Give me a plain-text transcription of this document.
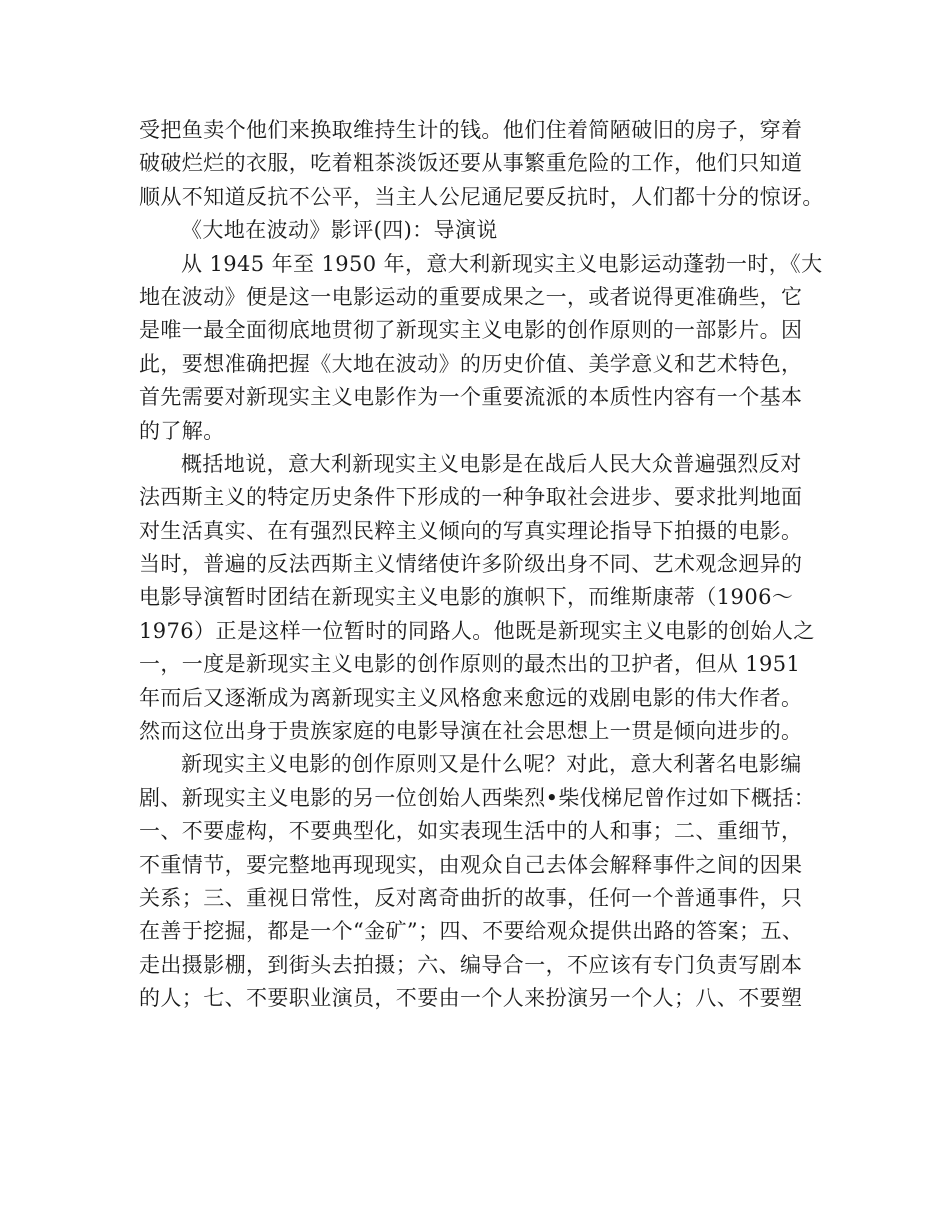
受把鱼卖个他们来换取维持生计的钱。他们住着简陋破旧的房子，穿着
破破烂烂的衣服，吃着粗茶淡饭还要从事繁重危险的工作，他们只知道
顺从不知道反抗不公平，当主人公尼通尼要反抗时，人们都十分的惊讶。
《大地在波动》影评(四)：导演说
从 1945 年至 1950 年，意大利新现实主义电影运动蓬勃一时，《大
地在波动》便是这一电影运动的重要成果之一，或者说得更准确些，它
是唯一最全面彻底地贯彻了新现实主义电影的创作原则的一部影片。因
此，要想准确把握《大地在波动》的历史价值、美学意义和艺术特色，
首先需要对新现实主义电影作为一个重要流派的本质性内容有一个基本
的了解。
概括地说，意大利新现实主义电影是在战后人民大众普遍强烈反对
法西斯主义的特定历史条件下形成的一种争取社会进步、要求批判地面
对生活真实、在有强烈民粹主义倾向的写真实理论指导下拍摄的电影。
当时，普遍的反法西斯主义情绪使许多阶级出身不同、艺术观念迥异的
电影导演暂时团结在新现实主义电影的旗帜下，而维斯康蒂（1906～
1976）正是这样一位暂时的同路人。他既是新现实主义电影的创始人之
一，一度是新现实主义电影的创作原则的最杰出的卫护者，但从 1951
年而后又逐渐成为离新现实主义风格愈来愈远的戏剧电影的伟大作者。
然而这位出身于贵族家庭的电影导演在社会思想上一贯是倾向进步的。
新现实主义电影的创作原则又是什么呢？对此，意大利著名电影编
剧、新现实主义电影的另一位创始人西柴烈•柴伐梯尼曾作过如下概括：
一、不要虚构，不要典型化，如实表现生活中的人和事；二、重细节，
不重情节，要完整地再现现实，由观众自己去体会解释事件之间的因果
关系；三、重视日常性，反对离奇曲折的故事，任何一个普通事件，只
在善于挖掘，都是一个“金矿”；四、不要给观众提供出路的答案；五、
走出摄影棚，到街头去拍摄；六、编导合一，不应该有专门负责写剧本
的人；七、不要职业演员，不要由一个人来扮演另一个人；八、不要塑
